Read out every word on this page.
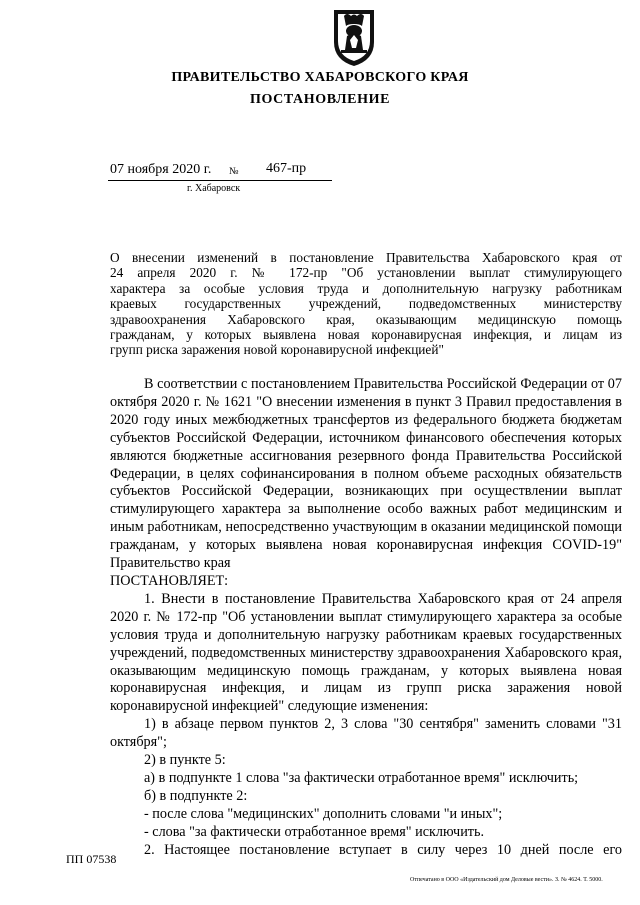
ПРАВИТЕЛЬСТВО ХАБАРОВСКОГО КРАЯ
ПОСТАНОВЛЕНИЕ
07 ноября 2020 г. № 467-пр
г. Хабаровск
О внесении изменений в постановление Правительства Хабаровского края от
24 апреля 2020 г. № 172-пр "Об установлении выплат стимулирующего
характера за особые условия труда и дополнительную нагрузку работникам
краевых государственных учреждений, подведомственных министерству
здравоохранения Хабаровского края, оказывающим медицинскую помощь
гражданам, у которых выявлена новая коронавирусная инфекция, и лицам из
групп риска заражения новой коронавирусной инфекцией"

В соответствии с постановлением Правительства Российской Федерации от 07 октября 2020 г. № 1621 "О внесении изменения в пункт 3 Правил предоставления в 2020 году иных межбюджетных трансфертов из федерального бюджета бюджетам субъектов Российской Федерации, источником финансового обеспечения которых являются бюджетные ассигнования резервного фонда Правительства Российской Федерации, в целях софинансирования в полном объеме расходных обязательств субъектов Российской Федерации, возникающих при осуществлении выплат стимулирующего характера за выполнение особо важных работ медицинским и иным работникам, непосредственно участвующим в оказании медицинской помощи гражданам, у которых выявлена новая коронавирусная инфекция COVID-19" Правительство края

ПОСТАНОВЛЯЕТ:

1. Внести в постановление Правительства Хабаровского края от 24 апреля 2020 г. № 172-пр "Об установлении выплат стимулирующего характера за особые условия труда и дополнительную нагрузку работникам краевых государственных учреждений, подведомственных министерству здравоохранения Хабаровского края, оказывающим медицинскую помощь гражданам, у которых выявлена новая коронавирусная инфекция, и лицам из групп риска заражения новой коронавирусной инфекцией" следующие изменения:

1) в абзаце первом пунктов 2, 3 слова "30 сентября" заменить словами "31 октября";

2) в пункте 5:

а) в подпункте 1 слова "за фактически отработанное время" исключить;

б) в подпункте 2:

- после слова "медицинских" дополнить словами "и иных";

- слова "за фактически отработанное время" исключить.

2. Настоящее постановление вступает в силу через 10 дней после его

ПП 07538
Отпечатано в ООО «Издательский дом Деловые вести». З. № 4624. Т. 5000.
